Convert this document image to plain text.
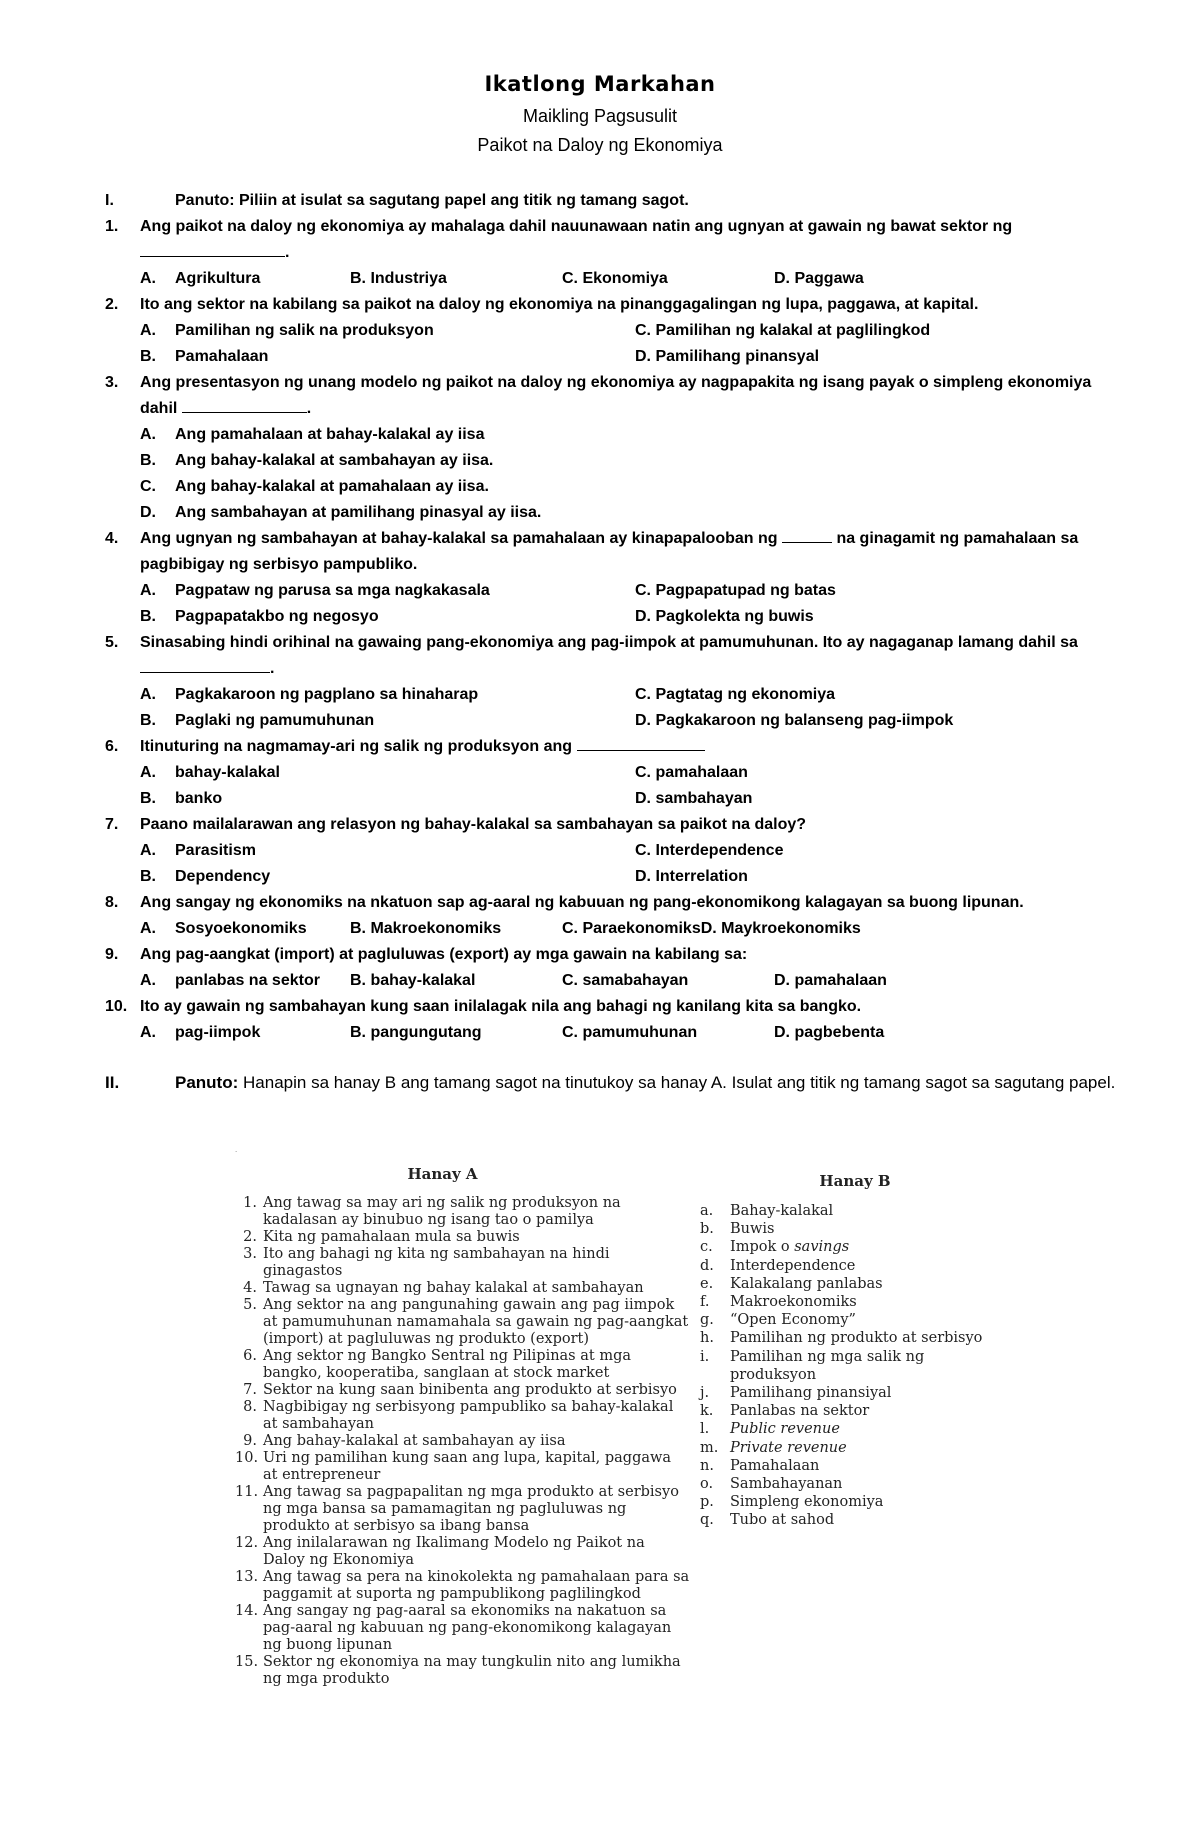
Ikatlong Markahan
Maikling Pagsusulit
Paikot na Daloy ng Ekonomiya
I.	Panuto: Piliin at isulat sa sagutang papel ang titik ng tamang sagot.
1.	Ang paikot na daloy ng ekonomiya ay mahalaga dahil nauunawaan natin ang ugnyan at gawain ng bawat sektor ng
.
A.	Agrikultura	B. Industriya	C. Ekonomiya	D. Paggawa
2.	Ito ang sektor na kabilang sa paikot na daloy ng ekonomiya na pinanggagalingan ng lupa, paggawa, at kapital.
A.	Pamilihan ng salik na produksyon	C. Pamilihan ng kalakal at paglilingkod
B.	Pamahalaan	D. Pamilihang pinansyal
3.	Ang presentasyon ng unang modelo ng paikot na daloy ng ekonomiya ay nagpapakita ng isang payak o simpleng ekonomiya
dahil	.
A.	Ang pamahalaan at bahay-kalakal ay iisa
B.	Ang bahay-kalakal at sambahayan ay iisa.
C.	Ang bahay-kalakal at pamahalaan ay iisa.
D.	Ang sambahayan at pamilihang pinasyal ay iisa.
4.	Ang ugnyan ng sambahayan at bahay-kalakal sa pamahalaan ay kinapapalooban ng	na ginagamit ng pamahalaan sa
pagbibigay ng serbisyo pampubliko.
A.	Pagpataw ng parusa sa mga nagkakasala	C. Pagpapatupad ng batas
B.	Pagpapatakbo ng negosyo	D. Pagkolekta ng buwis
5.	Sinasabing hindi orihinal na gawaing pang-ekonomiya ang pag-iimpok at pamumuhunan. Ito ay nagaganap lamang dahil sa
.
A.	Pagkakaroon ng pagplano sa hinaharap	C. Pagtatag ng ekonomiya
B.	Paglaki ng pamumuhunan	D. Pagkakaroon ng balanseng pag-iimpok
6.	Itinuturing na nagmamay-ari ng salik ng produksyon ang
A.	bahay-kalakal	C. pamahalaan
B.	banko	D. sambahayan
7.	Paano mailalarawan ang relasyon ng bahay-kalakal sa sambahayan sa paikot na daloy?
A.	Parasitism	C. Interdependence
B.	Dependency	D. Interrelation
8.	Ang sangay ng ekonomiks na nkatuon sap ag-aaral ng kabuuan ng pang-ekonomikong kalagayan sa buong lipunan.
A.	Sosyoekonomiks	B. Makroekonomiks	C. ParaekonomiksD. Maykroekonomiks
9.	Ang pag-aangkat (import) at pagluluwas (export) ay mga gawain na kabilang sa:
A.	panlabas na sektor B. bahay-kalakal	C. samabahayan	D. pamahalaan
10. Ito ay gawain ng sambahayan kung saan inilalagak nila ang bahagi ng kanilang kita sa bangko.
A.	pag-iimpok	B. pangungutang	C. pamumuhunan	D. pagbebenta
II.	Panuto: Hanapin sa hanay B ang tamang sagot na tinutukoy sa hanay A. Isulat ang titik ng tamang sagot sa sagutang papel.
.
Hanay A
1. Ang tawag sa may ari ng salik ng produksyon na kadalasan ay binubuo ng isang tao o pamilya
2. Kita ng pamahalaan mula sa buwis
3. Ito ang bahagi ng kita ng sambahayan na hindi ginagastos
4. Tawag sa ugnayan ng bahay kalakal at sambahayan
5. Ang sektor na ang pangunahing gawain ang pag iimpok at pamumuhunan namamahala sa gawain ng pag-aangkat (import) at pagluluwas ng produkto (export)
6. Ang sektor ng Bangko Sentral ng Pilipinas at mga bangko, kooperatiba, sanglaan at stock market
7. Sektor na kung saan binibenta ang produkto at serbisyo
8. Nagbibigay ng serbisyong pampubliko sa bahay-kalakal at sambahayan
9. Ang bahay-kalakal at sambahayan ay iisa
10. Uri ng pamilihan kung saan ang lupa, kapital, paggawa at entrepreneur
11. Ang tawag sa pagpapalitan ng mga produkto at serbisyo ng mga bansa sa pamamagitan ng pagluluwas ng produkto at serbisyo sa ibang bansa
12. Ang inilalarawan ng Ikalimang Modelo ng Paikot na Daloy ng Ekonomiya
13. Ang tawag sa pera na kinokolekta ng pamahalaan para sa paggamit at suporta ng pampublikong paglilingkod
14. Ang sangay ng pag-aaral sa ekonomiks na nakatuon sa pag-aaral ng kabuuan ng pang-ekonomikong kalagayan ng buong lipunan
15. Sektor ng ekonomiya na may tungkulin nito ang lumikha ng mga produkto
Hanay B
a.	Bahay-kalakal
b.	Buwis
c.	Impok o savings
d.	Interdependence
e.	Kalakalang panlabas
f.	Makroekonomiks
g.	“Open Economy”
h.	Pamilihan ng produkto at serbisyo
i.	Pamilihan ng mga salik ng produksyon
j.	Pamilihang pinansiyal
k.	Panlabas na sektor
l.	Public revenue
m. Private revenue
n.	Pamahalaan
o.	Sambahayanan
p.	Simpleng ekonomiya
q.	Tubo at sahod
